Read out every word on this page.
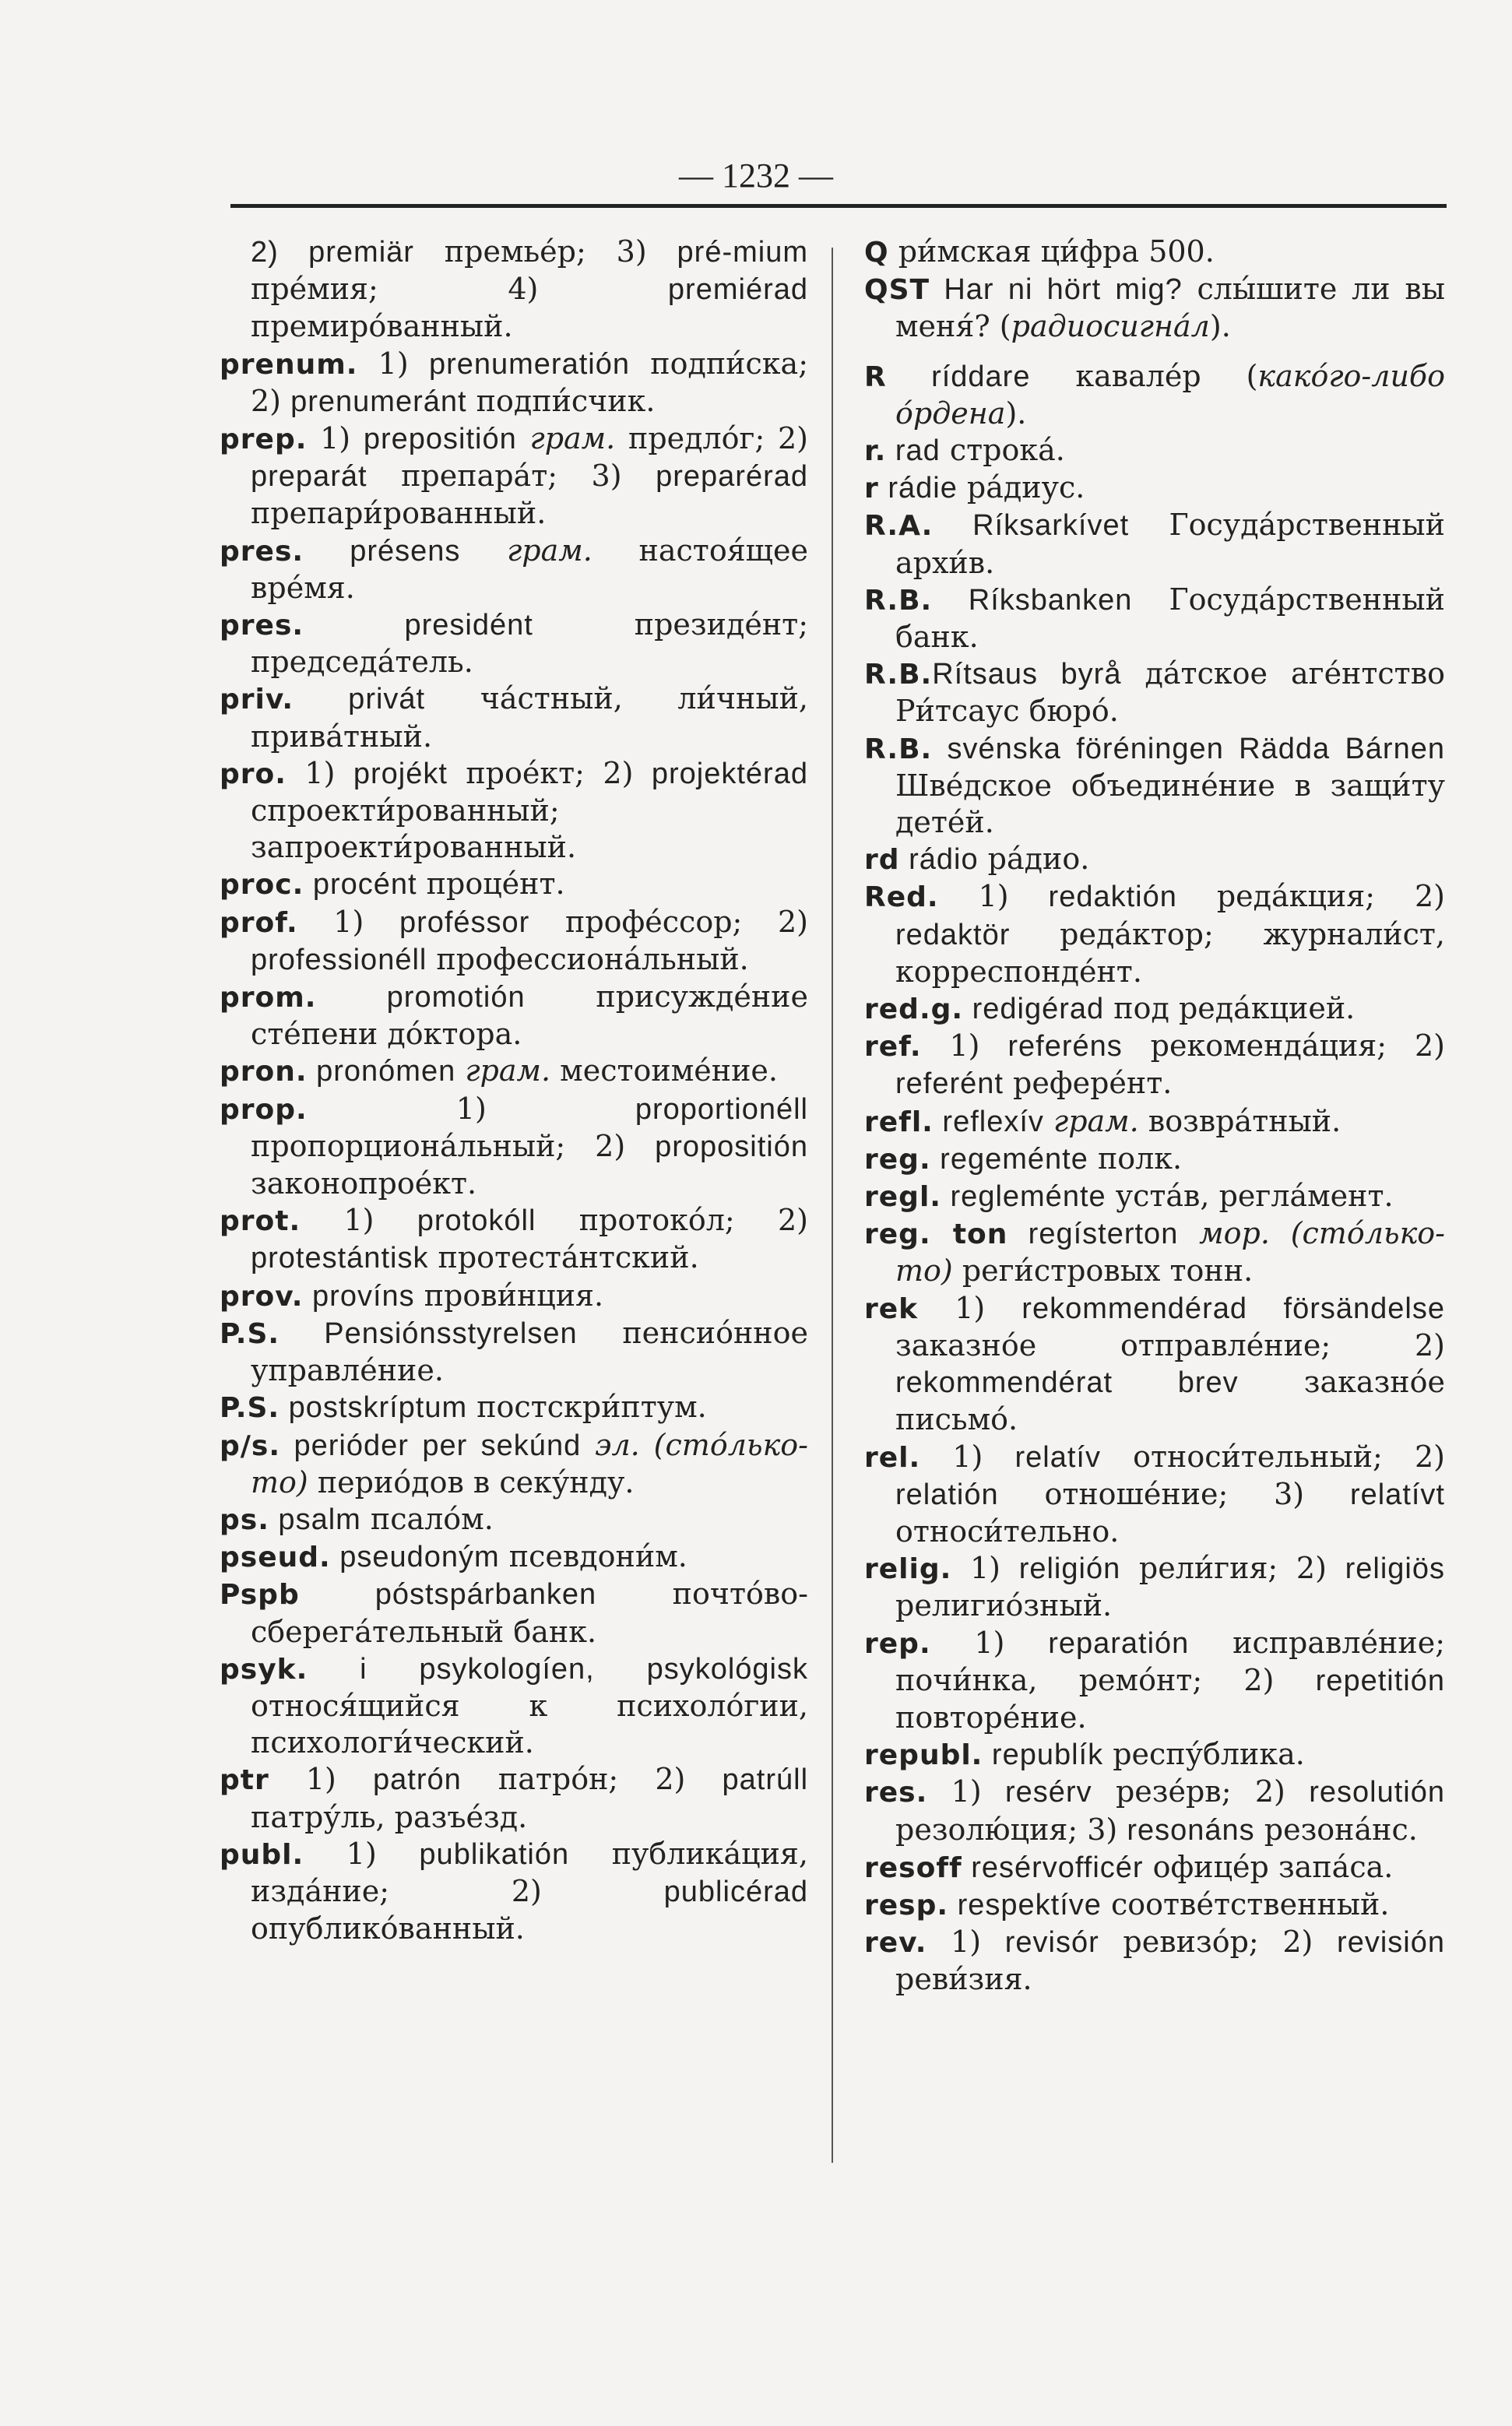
— 1232 —

2) premiär премье́р; 3) pré-mium пре́мия; 4) premiérad премиро́ванный.

prenum. 1) prenumeratión подпи́ска; 2) prenumeránt подпи́счик.

prep. 1) prepositión грам. предло́г; 2) preparát препара́т; 3) preparérad препари́рованный.

pres. présens грам. настоя́щее вре́мя.

pres. presidént президе́нт; председа́тель.

priv. privát ча́стный, ли́чный, прива́тный.

pro. 1) projékt прое́кт; 2) projektérad спроекти́рованный; запроекти́рованный.

proc. procént проце́нт.

prof. 1) proféssor профе́ссор; 2) professionéll профессиона́льный.

prom. promotión присужде́ние сте́пени до́ктора.

pron. pronómen грам. местоиме́ние.

prop. 1) proportionéll пропорциона́льный; 2) propositión законопрое́кт.

prot. 1) protokóll протоко́л; 2) protestántisk протеста́нтский.

prov. províns прови́нция.

P.S. Pensiónsstyrelsen пенсио́нное управле́ние.

P.S. postskríptum постскри́птум.

p/s. perióder per sekúnd эл. (сто́лько-то) перио́дов в секу́нду.

ps. psalm псало́м.

pseud. pseudoným псевдони́м.

Pspb póstspárbanken почто́во-сберега́тельный банк.

psyk. i psykologíen, psykológisk относя́щийся к психоло́гии, психологи́ческий.

ptr 1) patrón патро́н; 2) patrúll патру́ль, разъе́зд.

publ. 1) publikatión публика́ция, изда́ние; 2) publicérad опублико́ванный.

Q ри́мская ци́фра 500.

QST Har ni hört mig? слы́шите ли вы меня́? (радиосигна́л).

R ríddare кавале́р (како́го-либо о́рдена).

r. rad строка́.

r rádie ра́диус.

R.A. Ríksarkívet Госуда́рственный архи́в.

R.B. Ríksbanken Госуда́рственный банк.

R.B.Rítsaus byrå да́тское аге́нтство Ри́тсаус бюро́.

R.B. svénska föréningen Rädda Bárnen Шве́дское объедине́ние в защи́ту дете́й.

rd rádio ра́дио.

Red. 1) redaktión реда́кция; 2) redaktör реда́ктор; журнали́ст, корреспонде́нт.

red.g. redigérad под реда́кцией.

ref. 1) referéns рекоменда́ция; 2) referént рефере́нт.

refl. reflexív грам. возвра́тный.

reg. regeménte полк.

regl. regleménte уста́в, регла́мент.

reg. ton regísterton мор. (сто́лько-то) реги́стровых тонн.

rek 1) rekommendérad försändelse заказно́е отправле́ние; 2) rekommendérat brev заказно́е письмо́.

rel. 1) relatív относи́тельный; 2) relatión отноше́ние; 3) relatívt относи́тельно.

relig. 1) religión рели́гия; 2) religiös религио́зный.

rep. 1) reparatión исправле́ние; почи́нка, ремо́нт; 2) repetitión повторе́ние.

republ. republík респу́блика.

res. 1) resérv резе́рв; 2) resolutión резолю́ция; 3) resonáns резона́нс.

resoff resérvofficér офице́р запа́са.

resp. respektíve соотве́тственный.

rev. 1) revisór ревизо́р; 2) revisión реви́зия.
